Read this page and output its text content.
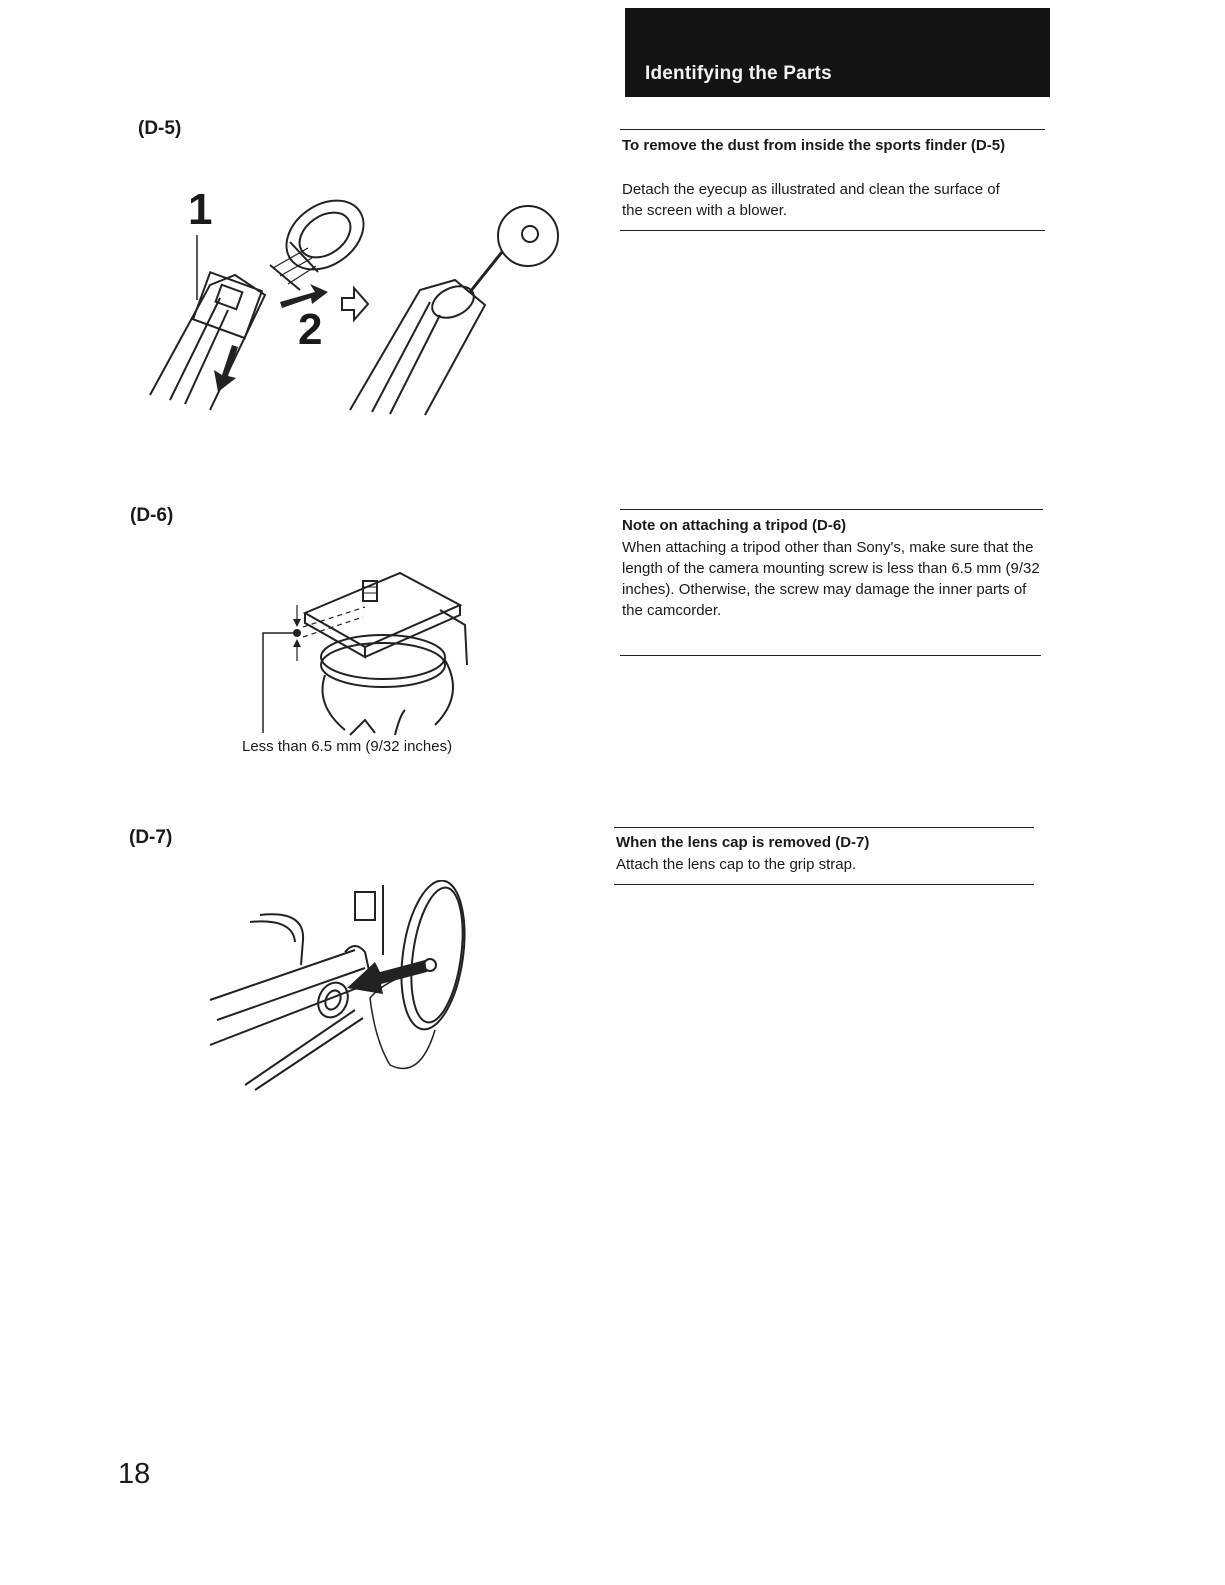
Identifying the Parts
(D-5)
1
2
To remove the dust from inside the sports finder (D-5)
Detach the eyecup as illustrated and clean the surface of the screen with a blower.
(D-6)
Less than 6.5 mm (9/32 inches)
Note on attaching a tripod (D-6)
When attaching a tripod other than Sony's, make sure that the length of the camera mounting screw is less than 6.5 mm (9/32 inches). Otherwise, the screw may damage the inner parts of the camcorder.
(D-7)	When the lens cap is removed (D-7)
Attach the lens cap to the grip strap.
18
